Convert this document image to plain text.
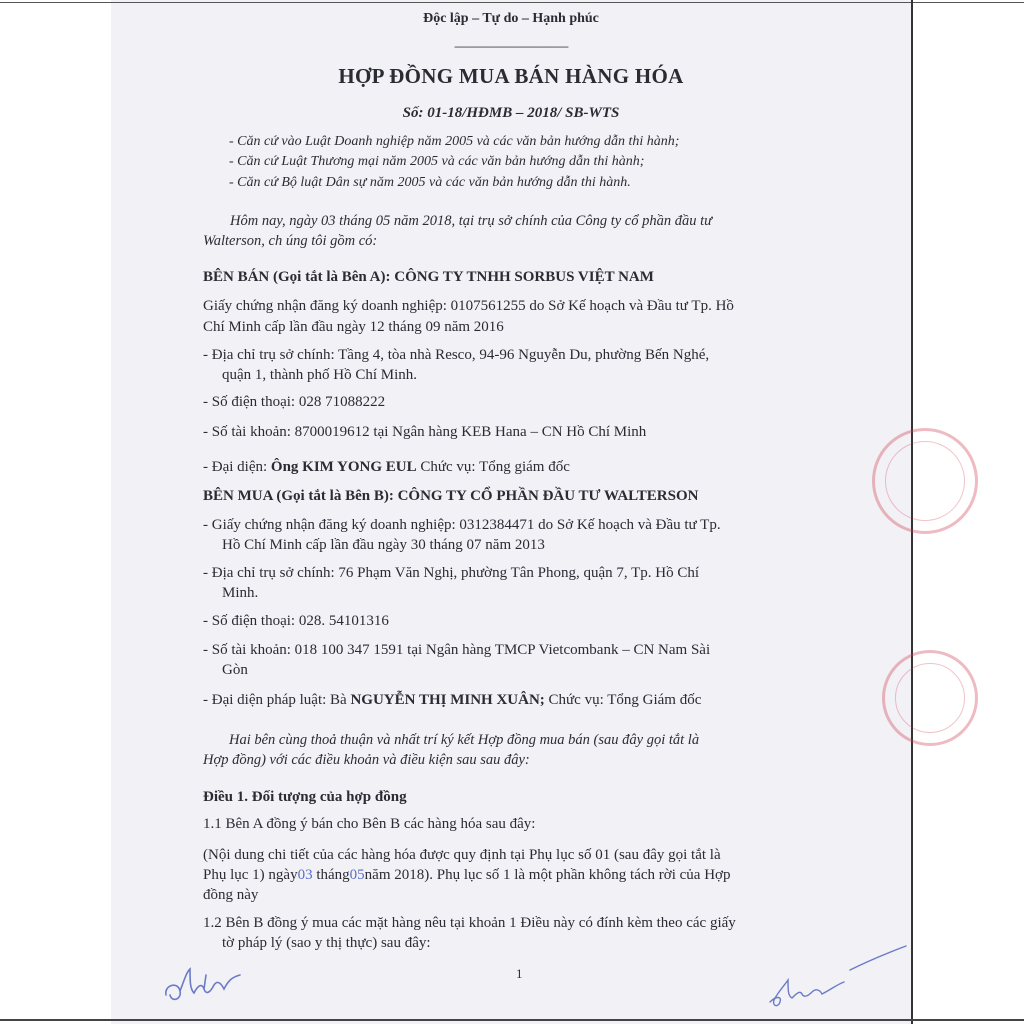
Độc lập – Tự do – Hạnh phúc
--------------------------------------
HỢP ĐỒNG MUA BÁN HÀNG HÓA
Số: 01-18/HĐMB – 2018/ SB-WTS
- Căn cứ vào Luật Doanh nghiệp năm 2005 và các văn bản hướng dẫn thi hành;
- Căn cứ Luật Thương mại năm 2005 và các văn bản hướng dẫn thi hành;
- Căn cứ Bộ luật Dân sự năm 2005 và các văn bản hướng dẫn thi hành.
Hôm nay, ngày 03 tháng 05 năm 2018, tại trụ sở chính của Công ty cổ phần đầu tư
Walterson, ch úng tôi gồm có:
BÊN BÁN (Gọi tắt là Bên A): CÔNG TY TNHH SORBUS VIỆT NAM
Giấy chứng nhận đăng ký doanh nghiệp: 0107561255 do Sở Kế hoạch và Đầu tư Tp. Hồ
Chí Minh cấp lần đầu ngày 12 tháng 09 năm 2016
- Địa chỉ trụ sở chính: Tầng 4, tòa nhà Resco, 94-96 Nguyễn Du, phường Bến Nghé,
quận 1, thành phố Hồ Chí Minh.
- Số điện thoại: 028 71088222
- Số tài khoản: 8700019612 tại Ngân hàng KEB Hana – CN Hồ Chí Minh
- Đại diện: Ông KIM YONG EUL Chức vụ: Tổng giám đốc
BÊN MUA (Gọi tắt là Bên B): CÔNG TY CỔ PHẦN ĐẦU TƯ WALTERSON
- Giấy chứng nhận đăng ký doanh nghiệp: 0312384471 do Sở Kế hoạch và Đầu tư Tp.
Hồ Chí Minh cấp lần đầu ngày 30 tháng 07 năm 2013
- Địa chỉ trụ sở chính: 76 Phạm Văn Nghị, phường Tân Phong, quận 7, Tp. Hồ Chí
Minh.
- Số điện thoại: 028. 54101316
- Số tài khoản: 018 100 347 1591 tại Ngân hàng TMCP Vietcombank – CN Nam Sài
Gòn
- Đại diện pháp luật: Bà NGUYỄN THỊ MINH XUÂN; Chức vụ: Tổng Giám đốc
Hai bên cùng thoả thuận và nhất trí ký kết Hợp đồng mua bán (sau đây gọi tắt là
Hợp đồng) với các điều khoản và điều kiện sau sau đây:
Điều 1. Đối tượng của hợp đồng
1.1 Bên A đồng ý bán cho Bên B các hàng hóa sau đây:
(Nội dung chi tiết của các hàng hóa được quy định tại Phụ lục số 01 (sau đây gọi tắt là
Phụ lục 1) ngày03 tháng05năm 2018). Phụ lục số 1 là một phần không tách rời của Hợp
đồng này
1.2 Bên B đồng ý mua các mặt hàng nêu tại khoản 1 Điều này có đính kèm theo các giấy
tờ pháp lý (sao y thị thực) sau đây:
1
